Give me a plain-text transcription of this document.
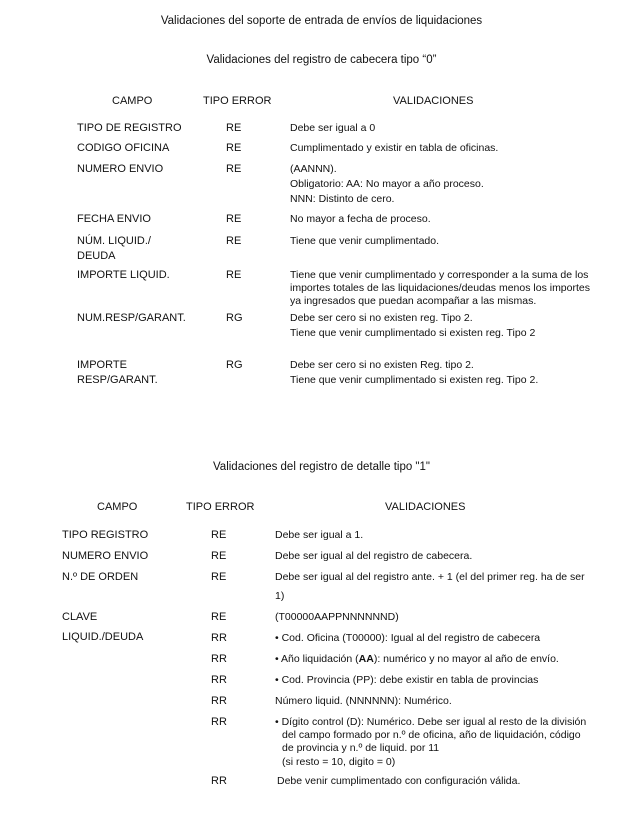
Validaciones del soporte de entrada de envíos de liquidaciones
Validaciones del registro de cabecera tipo “0”
CAMPO	TIPO ERROR	VALIDACIONES
TIPO DE REGISTRO	RE	Debe ser igual a 0
CODIGO OFICINA	RE	Cumplimentado y existir en tabla de oficinas.
NUMERO ENVIO	RE	(AANNN).
Obligatorio: AA: No mayor a año proceso.
NNN: Distinto de cero.
FECHA ENVIO	RE	No mayor a fecha de proceso.
NÚM. LIQUID./
DEUDA
RE	Tiene que venir cumplimentado.
IMPORTE LIQUID.	RE	Tiene que venir cumplimentado y corresponder a la suma de los
importes totales de las liquidaciones/deudas menos los importes
ya ingresados que puedan acompañar a las mismas.
NUM.RESP/GARANT.	RG	Debe ser cero si no existen reg. Tipo 2.
Tiene que venir cumplimentado si existen reg. Tipo 2
IMPORTE
RESP/GARANT.
RG	Debe ser cero si no existen Reg. tipo 2.
Tiene que venir cumplimentado si existen reg. Tipo 2.
Validaciones del registro de detalle tipo "1"
CAMPO	TIPO ERROR	VALIDACIONES
TIPO REGISTRO	RE	Debe ser igual a 1.
NUMERO ENVIO	RE	Debe ser igual al del registro de cabecera.
N.º DE ORDEN	RE	Debe ser igual al del registro ante. + 1 (el del primer reg. ha de ser
1)
CLAVE	RE	(T00000AAPPNNNNNND)
LIQUID./DEUDA	RR	• Cod. Oficina (T00000): Igual al del registro de cabecera
RR	• Año liquidación (AA): numérico y no mayor al año de envío.
RR	• Cod. Provincia (PP): debe existir en tabla de provincias
RR	Número liquid. (NNNNNN): Numérico.
RR	• Dígito control (D): Numérico. Debe ser igual al resto de la división
del campo formado por n.º de oficina, año de liquidación, código
de provincia y n.º de liquid. por 11
(si resto = 10, digito = 0)
RR	Debe venir cumplimentado con configuración válida.
